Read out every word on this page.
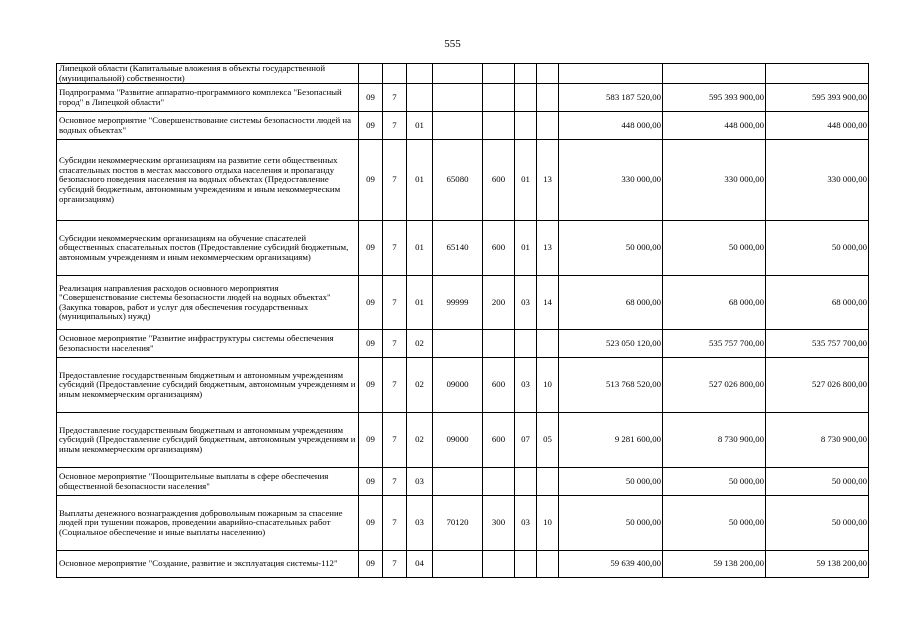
555
Липецкой области (Капитальные вложения в объекты государственной (муниципальной) собственности)										
Подпрограмма "Развитие аппаратно-программного комплекса "Безопасный город" в Липецкой области"	09	7						583 187 520,00	595 393 900,00	595 393 900,00
Основное мероприятие "Совершенствование системы безопасности людей на водных объектах"	09	7	01					448 000,00	448 000,00	448 000,00
Субсидии некоммерческим организациям на развитие сети общественных спасательных постов в местах массового отдыха населения и пропаганду безопасного поведения населения на водных объектах (Предоставление субсидий бюджетным, автономным учреждениям и иным некоммерческим организациям)	09	7	01	65080	600	01	13	330 000,00	330 000,00	330 000,00
Субсидии некоммерческим организациям на обучение спасателей общественных спасательных постов (Предоставление субсидий бюджетным, автономным учреждениям и иным некоммерческим организациям)	09	7	01	65140	600	01	13	50 000,00	50 000,00	50 000,00
Реализация направления расходов основного мероприятия "Совершенствование системы безопасности людей на водных объектах" (Закупка товаров, работ и услуг для обеспечения государственных (муниципальных) нужд)	09	7	01	99999	200	03	14	68 000,00	68 000,00	68 000,00
Основное мероприятие "Развитие инфраструктуры системы обеспечения безопасности населения"	09	7	02					523 050 120,00	535 757 700,00	535 757 700,00
Предоставление государственным бюджетным и автономным учреждениям субсидий (Предоставление субсидий бюджетным, автономным учреждениям и иным некоммерческим организациям)	09	7	02	09000	600	03	10	513 768 520,00	527 026 800,00	527 026 800,00
Предоставление государственным бюджетным и автономным учреждениям субсидий (Предоставление субсидий бюджетным, автономным учреждениям и иным некоммерческим организациям)	09	7	02	09000	600	07	05	9 281 600,00	8 730 900,00	8 730 900,00
Основное мероприятие "Поощрительные выплаты в сфере обеспечения общественной безопасности населения"	09	7	03					50 000,00	50 000,00	50 000,00
Выплаты денежного вознаграждения добровольным пожарным за спасение людей при тушении пожаров, проведении аварийно-спасательных работ (Социальное обеспечение и иные выплаты населению)	09	7	03	70120	300	03	10	50 000,00	50 000,00	50 000,00
Основное мероприятие "Создание, развитие и эксплуатация системы-112"	09	7	04					59 639 400,00	59 138 200,00	59 138 200,00
